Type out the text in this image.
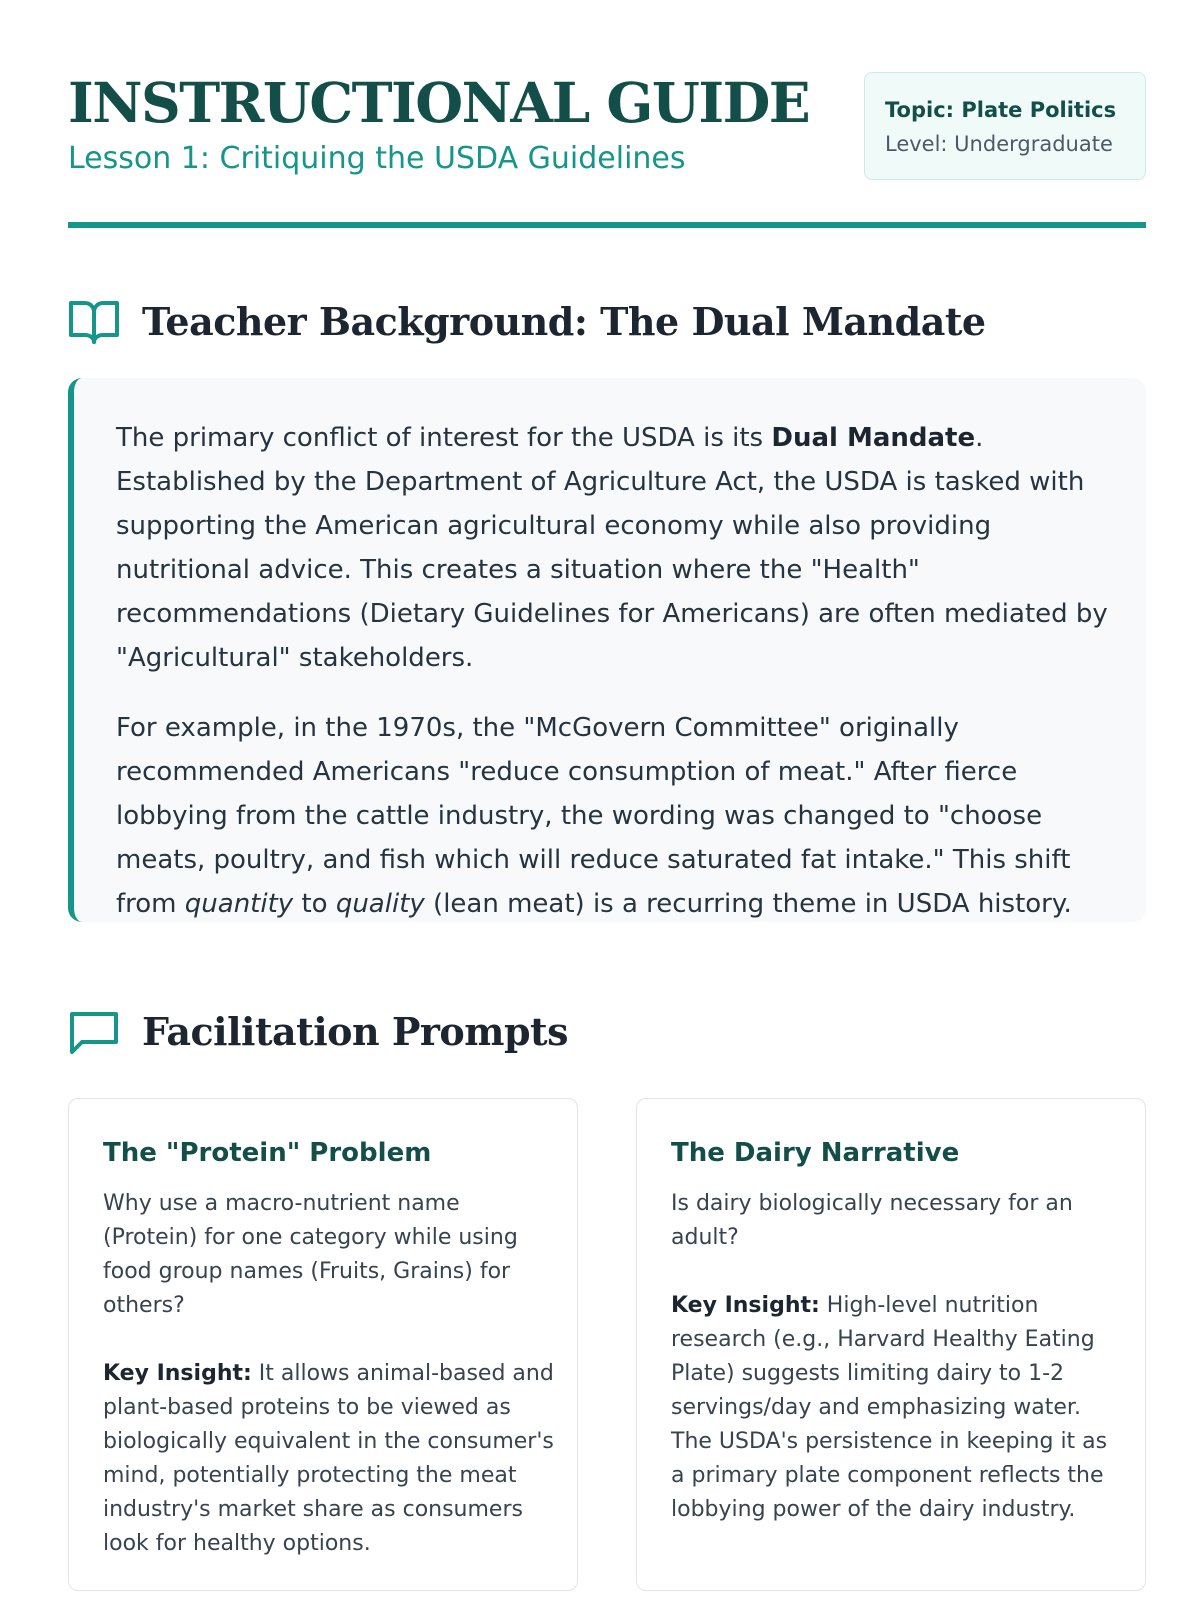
INSTRUCTIONAL GUIDE
Lesson 1: Critiquing the USDA Guidelines
Topic: Plate Politics
Level: Undergraduate
Teacher Background: The Dual Mandate

The primary conflict of interest for the USDA is its Dual Mandate. Established by the Department of Agriculture Act, the USDA is tasked with supporting the American agricultural economy while also providing nutritional advice. This creates a situation where the "Health" recommendations (Dietary Guidelines for Americans) are often mediated by "Agricultural" stakeholders.

For example, in the 1970s, the "McGovern Committee" originally recommended Americans "reduce consumption of meat." After fierce lobbying from the cattle industry, the wording was changed to "choose meats, poultry, and fish which will reduce saturated fat intake." This shift from quantity to quality (lean meat) is a recurring theme in USDA history.

Facilitation Prompts
The "Protein" Problem

Why use a macro-nutrient name (Protein) for one category while using food group names (Fruits, Grains) for others?

Key Insight: It allows animal-based and plant-based proteins to be viewed as biologically equivalent in the consumer's mind, potentially protecting the meat industry's market share as consumers look for healthy options.

The Dairy Narrative

Is dairy biologically necessary for an adult?

Key Insight: High-level nutrition research (e.g., Harvard Healthy Eating Plate) suggests limiting dairy to 1-2 servings/day and emphasizing water. The USDA's persistence in keeping it as a primary plate component reflects the lobbying power of the dairy industry.
